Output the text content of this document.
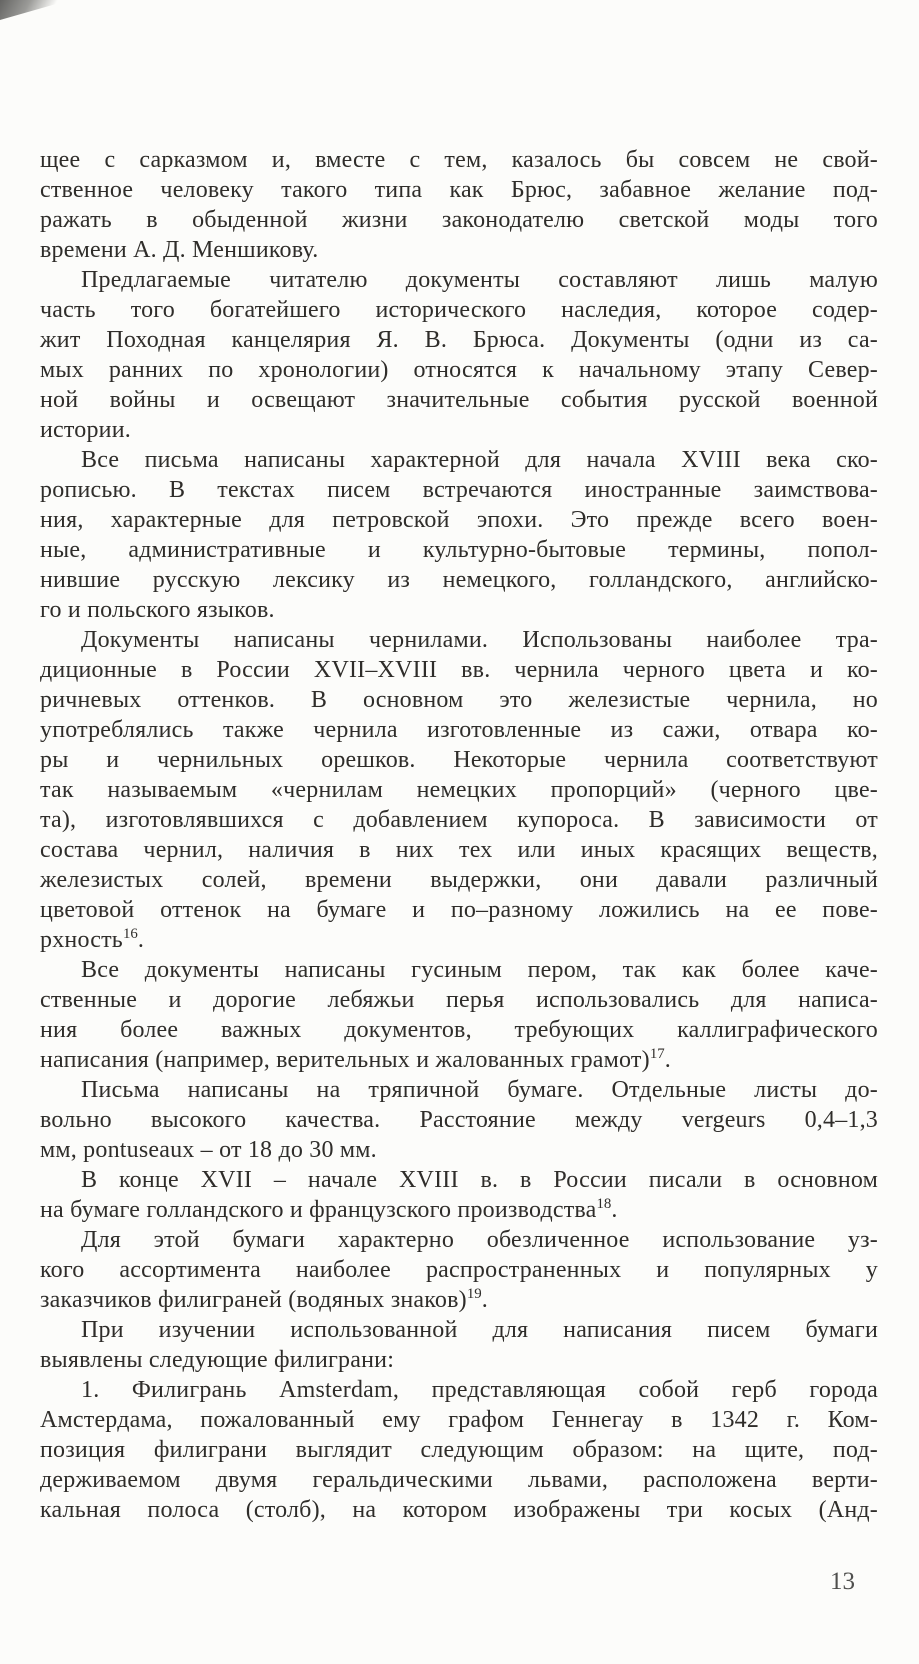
щее с сарказмом и, вместе с тем, казалось бы совсем не свой-
ственное человеку такого типа как Брюс, забавное желание под-
ражать в обыденной жизни законодателю светской моды того
времени А. Д. Меншикову.
Предлагаемые читателю документы составляют лишь малую
часть того богатейшего исторического наследия, которое содер-
жит Походная канцелярия Я. В. Брюса. Документы (одни из са-
мых ранних по хронологии) относятся к начальному этапу Север-
ной войны и освещают значительные события русской военной
истории.
Все письма написаны характерной для начала XVIII века ско-
рописью. В текстах писем встречаются иностранные заимствова-
ния, характерные для петровской эпохи. Это прежде всего воен-
ные, административные и культурно-бытовые термины, попол-
нившие русскую лексику из немецкого, голландского, английско-
го и польского языков.
Документы написаны чернилами. Использованы наиболее тра-
диционные в России XVII–XVIII вв. чернила черного цвета и ко-
ричневых оттенков. В основном это железистые чернила, но
употреблялись также чернила изготовленные из сажи, отвара ко-
ры и чернильных орешков. Некоторые чернила соответствуют
так называемым «чернилам немецких пропорций» (черного цве-
та), изготовлявшихся с добавлением купороса. В зависимости от
состава чернил, наличия в них тех или иных красящих веществ,
железистых солей, времени выдержки, они давали различный
цветовой оттенок на бумаге и по–разному ложились на ее пове-
рхность$^{16}$.
Все документы написаны гусиным пером, так как более каче-
ственные и дорогие лебяжьи перья использовались для написа-
ния более важных документов, требующих каллиграфического
написания (например, верительных и жалованных грамот)$^{17}$.
Письма написаны на тряпичной бумаге. Отдельные листы до-
вольно высокого качества. Расстояние между vergeurs 0,4–1,3
мм, pontuseaux – от 18 до 30 мм.
В конце XVII – начале XVIII в. в России писали в основном
на бумаге голландского и французского производства$^{18}$.
Для этой бумаги характерно обезличенное использование уз-
кого ассортимента наиболее распространенных и популярных у
заказчиков филиграней (водяных знаков)$^{19}$.
При изучении использованной для написания писем бумаги
выявлены следующие филиграни:
1. Филигрань Amsterdam, представляющая собой герб города
Амстердама, пожалованный ему графом Геннегау в 1342 г. Ком-
позиция филиграни выглядит следующим образом: на щите, под-
держиваемом двумя геральдическими львами, расположена верти-
кальная полоса (столб), на котором изображены три косых (Анд-
13
